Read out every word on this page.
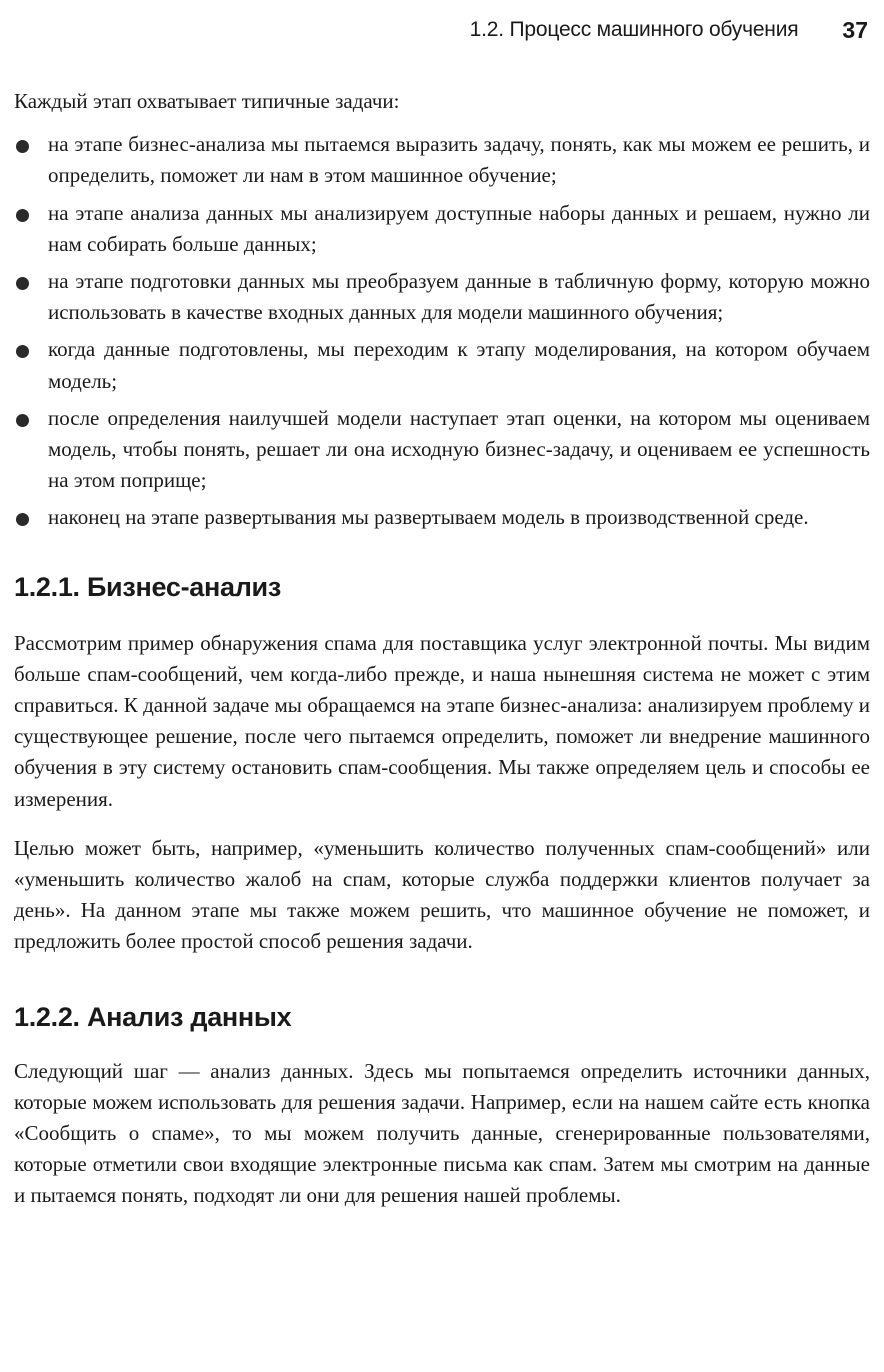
1.2. Процесс машинного обучения 37

Каждый этап охватывает типичные задачи:

на этапе бизнес-анализа мы пытаемся выразить задачу, понять, как мы можем ее решить, и определить, поможет ли нам в этом машинное обучение;
на этапе анализа данных мы анализируем доступные наборы данных и решаем, нужно ли нам собирать больше данных;
на этапе подготовки данных мы преобразуем данные в табличную форму, которую можно использовать в качестве входных данных для модели машинного обучения;
когда данные подготовлены, мы переходим к этапу моделирования, на котором обучаем модель;
после определения наилучшей модели наступает этап оценки, на котором мы оцениваем модель, чтобы понять, решает ли она исходную бизнес-задачу, и оцениваем ее успешность на этом поприще;
наконец на этапе развертывания мы развертываем модель в производственной среде.
1.2.1. Бизнес-анализ

Рассмотрим пример обнаружения спама для поставщика услуг электронной почты. Мы видим больше спам-сообщений, чем когда-либо прежде, и наша нынешняя система не может с этим справиться. К данной задаче мы обращаемся на этапе бизнес-анализа: анализируем проблему и существующее решение, после чего пытаемся определить, поможет ли внедрение машинного обучения в эту систему остановить спам-сообщения. Мы также определяем цель и способы ее измерения.

Целью может быть, например, «уменьшить количество полученных спам-сообщений» или «уменьшить количество жалоб на спам, которые служба поддержки клиентов получает за день». На данном этапе мы также можем решить, что машинное обучение не поможет, и предложить более простой способ решения задачи.

1.2.2. Анализ данных

Следующий шаг — анализ данных. Здесь мы попытаемся определить источники данных, которые можем использовать для решения задачи. Например, если на нашем сайте есть кнопка «Сообщить о спаме», то мы можем получить данные, сгенерированные пользователями, которые отметили свои входящие электронные письма как спам. Затем мы смотрим на данные и пытаемся понять, подходят ли они для решения нашей проблемы.
